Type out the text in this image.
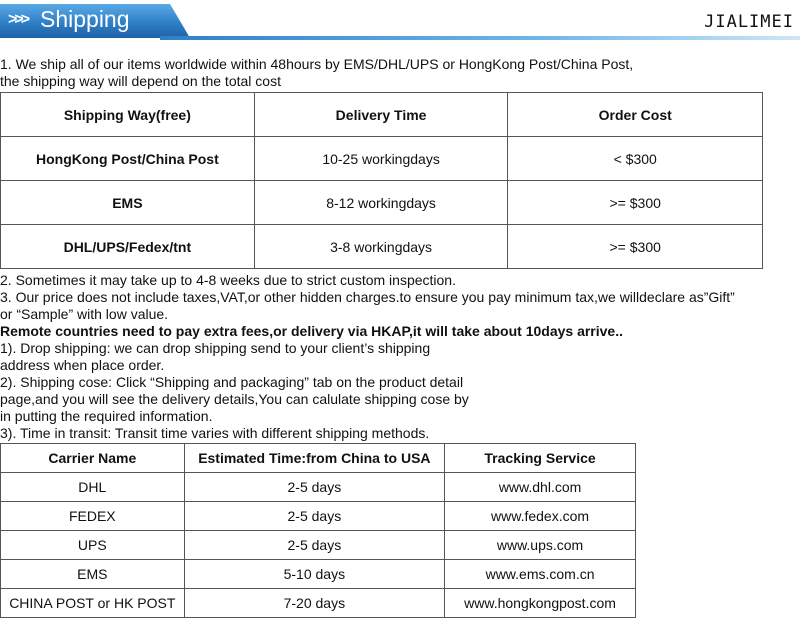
>>> Shipping	JIALIMEI
1. We ship all of our items worldwide within 48hours by EMS/DHL/UPS or HongKong Post/China Post,
the shipping way will depend on the total cost
Shipping Way(free)	Delivery Time	Order Cost
HongKong Post/China Post	10-25 workingdays	< $300
EMS	8-12 workingdays	>= $300
DHL/UPS/Fedex/tnt	3-8 workingdays	>= $300
2. Sometimes it may take up to 4-8 weeks due to strict custom inspection.
3. Our price does not include taxes,VAT,or other hidden charges.to ensure you pay minimum tax,we willdeclare as”Gift”
or “Sample” with low value.
Remote countries need to pay extra fees,or delivery via HKAP,it will take about 10days arrive..
1). Drop shipping: we can drop shipping send to your client’s shipping
address when place order.
2). Shipping cose: Click “Shipping and packaging” tab on the product detail
page,and you will see the delivery details,You can calulate shipping cose by
in putting the required information.
3). Time in transit: Transit time varies with different shipping methods.
Carrier Name	Estimated Time:from China to USA	Tracking Service
DHL	2-5 days	www.dhl.com
FEDEX	2-5 days	www.fedex.com
UPS	2-5 days	www.ups.com
EMS	5-10 days	www.ems.com.cn
CHINA POST or HK POST	7-20 days	www.hongkongpost.com
